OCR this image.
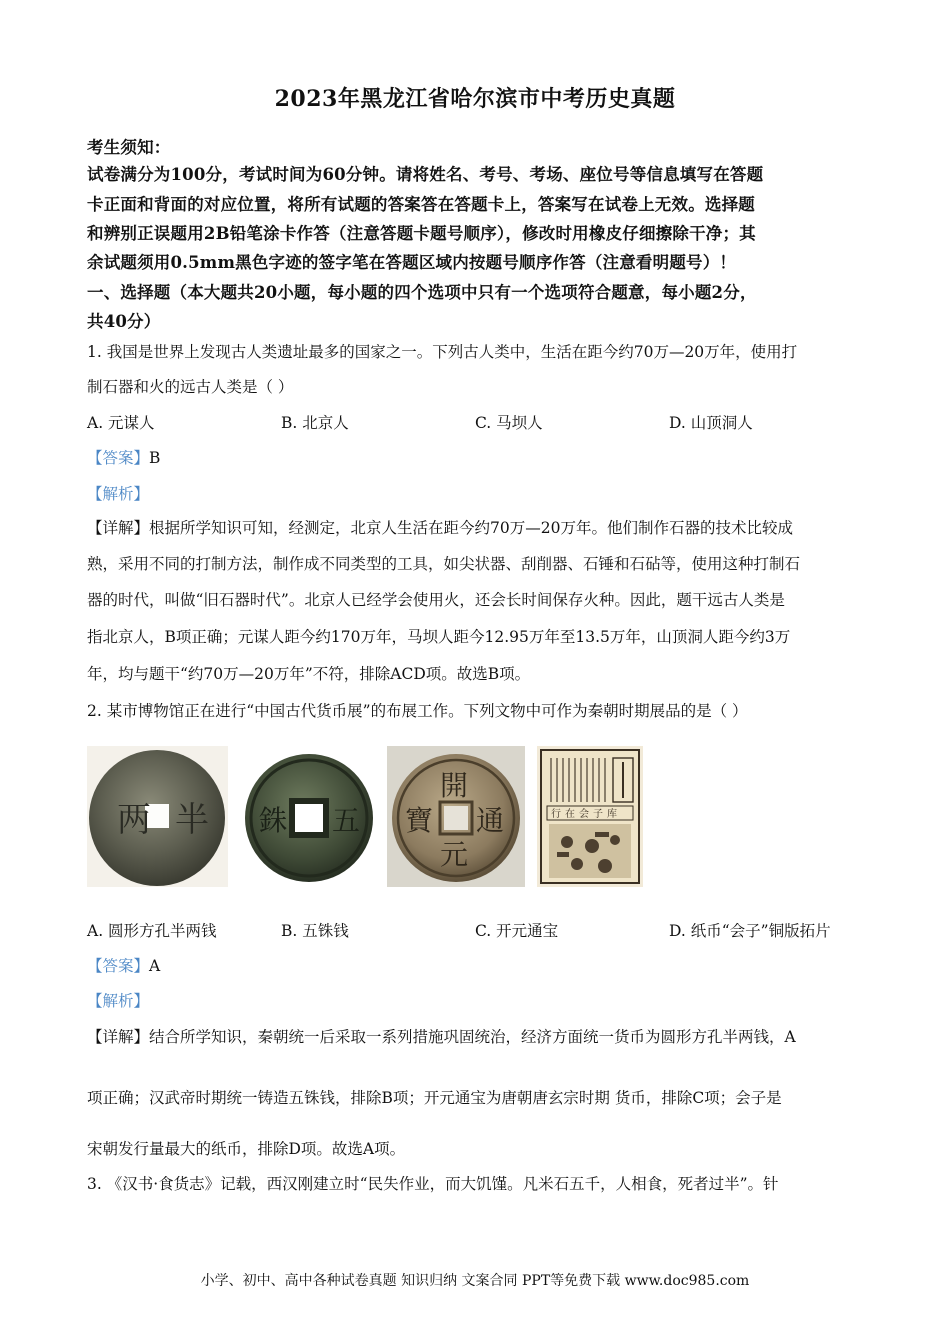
2023年黑龙江省哈尔滨市中考历史真题
考生须知：
试卷满分为100分，考试时间为60分钟。请将姓名、考号、考场、座位号等信息填写在答题
卡正面和背面的对应位置，将所有试题的答案答在答题卡上，答案写在试卷上无效。选择题
和辨别正误题用2B铅笔涂卡作答（注意答题卡题号顺序），修改时用橡皮仔细擦除干净；其
余试题须用0.5mm黑色字迹的签字笔在答题区域内按题号顺序作答（注意看明题号）！
一、选择题（本大题共20小题，每小题的四个选项中只有一个选项符合题意，每小题2分，
共40分）
1. 我国是世界上发现古人类遗址最多的国家之一。下列古人类中，生活在距今约70万—20万年，使用打
制石器和火的远古人类是（ ）
A. 元谋人	B. 北京人	C. 马坝人	D. 山顶洞人
【答案】B
【解析】
【详解】根据所学知识可知，经测定，北京人生活在距今约70万—20万年。他们制作石器的技术比较成
熟，采用不同的打制方法，制作成不同类型的工具，如尖状器、刮削器、石锤和石砧等，使用这种打制石
器的时代，叫做“旧石器时代”。北京人已经学会使用火，还会长时间保存火种。因此，题干远古人类是
指北京人，B项正确；元谋人距今约170万年，马坝人距今12.95万年至13.5万年，山顶洞人距今约3万
年，均与题干“约70万—20万年”不符，排除ACD项。故选B项。
2. 某市博物馆正在进行“中国古代货币展”的布展工作。下列文物中可作为秦朝时期展品的是（ ）
两 半	五
銖
開
元
通
寶	行在会子库
A. 圆形方孔半两钱	B. 五铢钱	C. 开元通宝	D. 纸币“会子”铜版拓片
【答案】A
【解析】
【详解】结合所学知识，秦朝统一后采取一系列措施巩固统治，经济方面统一货币为圆形方孔半两钱，A
项正确；汉武帝时期统一铸造五铢钱，排除B项；开元通宝为唐朝唐玄宗时期 货币，排除C项；会子是
宋朝发行量最大的纸币，排除D项。故选A项。
3. 《汉书·食货志》记载，西汉刚建立时“民失作业，而大饥馑。凡米石五千，人相食，死者过半”。针
小学、初中、高中各种试卷真题 知识归纳 文案合同 PPT等免费下载 www.doc985.com
